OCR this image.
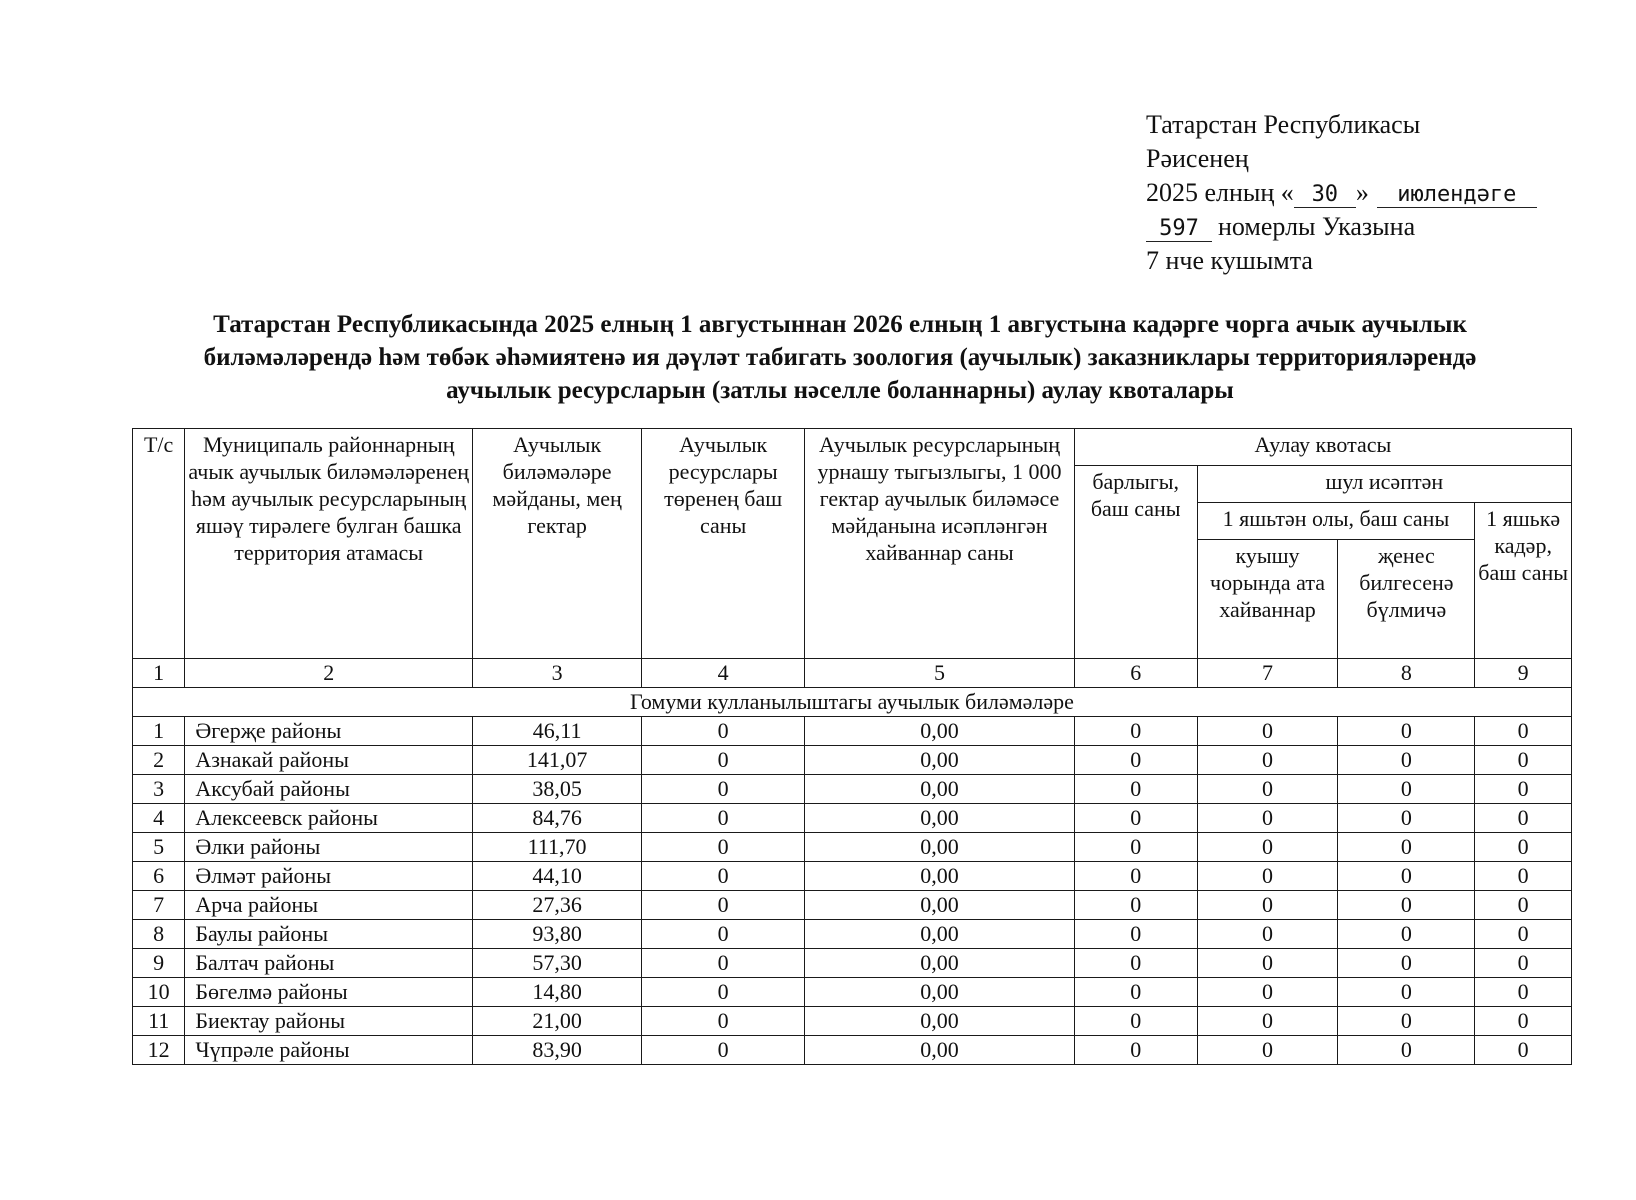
Татарстан Республикасы
Рәисенең
2025 елның « 30 » июлендәге
597 номерлы Указына
7 нче кушымта
Татарстан Республикасында 2025 елның 1 августыннан 2026 елның 1 августына кадәрге чорга ачык аучылык
биләмәләрендә һәм төбәк әһәмиятенә ия дәүләт табигать зоология (аучылык) заказниклары территорияләрендә
аучылык ресурсларын (затлы нәселле боланнарны) аулау квоталары
Т/с	Муниципаль районнарның ачык аучылык биләмәләренең һәм аучылык ресурсларының яшәү тирәлеге булган башка территория атамасы	Аучылык биләмәләре мәйданы, мең гектар	Аучылык ресурслары төренең баш саны	Аучылык ресурсларының урнашу тыгызлыгы, 1 000 гектар аучылык биләмәсе мәйданына исәпләнгән хайваннар саны	Аулау квотасы			
					барлыгы, баш саны	шул исәптән		
						1 яшьтән олы, баш саны		1 яшькә кадәр, баш саны
						куышу чорында ата хайваннар	җенес билгесенә бүлмичә	
1	2	3	4	5	6	7	8	9
Гомуми кулланылыштагы аучылык биләмәләре								
1	Әгерҗе районы	46,11	0	0,00	0	0	0	0
2	Азнакай районы	141,07	0	0,00	0	0	0	0
3	Аксубай районы	38,05	0	0,00	0	0	0	0
4	Алексеевск районы	84,76	0	0,00	0	0	0	0
5	Әлки районы	111,70	0	0,00	0	0	0	0
6	Әлмәт районы	44,10	0	0,00	0	0	0	0
7	Арча районы	27,36	0	0,00	0	0	0	0
8	Баулы районы	93,80	0	0,00	0	0	0	0
9	Балтач районы	57,30	0	0,00	0	0	0	0
10	Бөгелмә районы	14,80	0	0,00	0	0	0	0
11	Биектау районы	21,00	0	0,00	0	0	0	0
12	Чүпрәле районы	83,90	0	0,00	0	0	0	0
